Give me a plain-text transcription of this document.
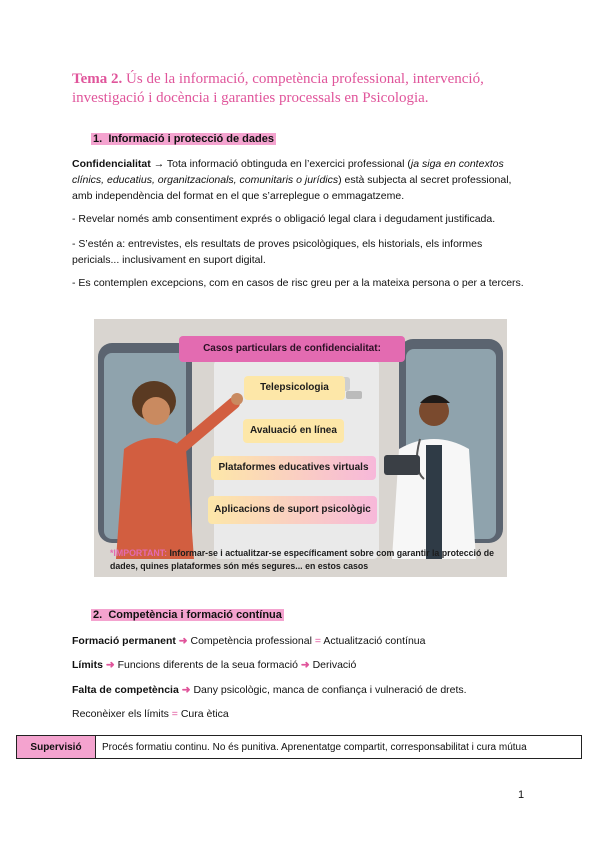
Tema 2. Ús de la informació, competència professional, intervenció, investigació i docència i garanties processals en Psicologia.

1. Informació i protecció de dades

Confidencialitat → Tota informació obtinguda en l’exercici professional (ja siga en contextos clínics, educatius, organitzacionals, comunitaris o jurídics) està subjecta al secret professional, amb independència del format en el que s’arreplegue o emmagatzeme.

- Revelar només amb consentiment exprés o obligació legal clara i degudament justificada.

- S’estén a: entrevistes, els resultats de proves psicològiques, els historials, els informes pericials... inclusivament en suport digital.

- Es contemplen excepcions, com en casos de risc greu per a la mateixa persona o per a tercers.

Casos particulars de confidencialitat:
Telepsicologia
Avaluació en línea
Plataformes educatives virtuals
Aplicacions de suport psicològic
*IMPORTANT: Informar-se i actualitzar-se específicament sobre com garantir la protecció de dades, quines plataformes són més segures... en estos casos
2. Competència i formació contínua

Formació permanent ➜ Competència professional = Actualització contínua

Límits ➜ Funcions diferents de la seua formació ➜ Derivació

Falta de competència ➜ Dany psicològic, manca de confiança i vulneració de drets.

Reconèixer els límits = Cura ètica

Supervisió	Procés formatiu continu. No és punitiva. Aprenentatge compartit, corresponsabilitat i cura mútua
1
